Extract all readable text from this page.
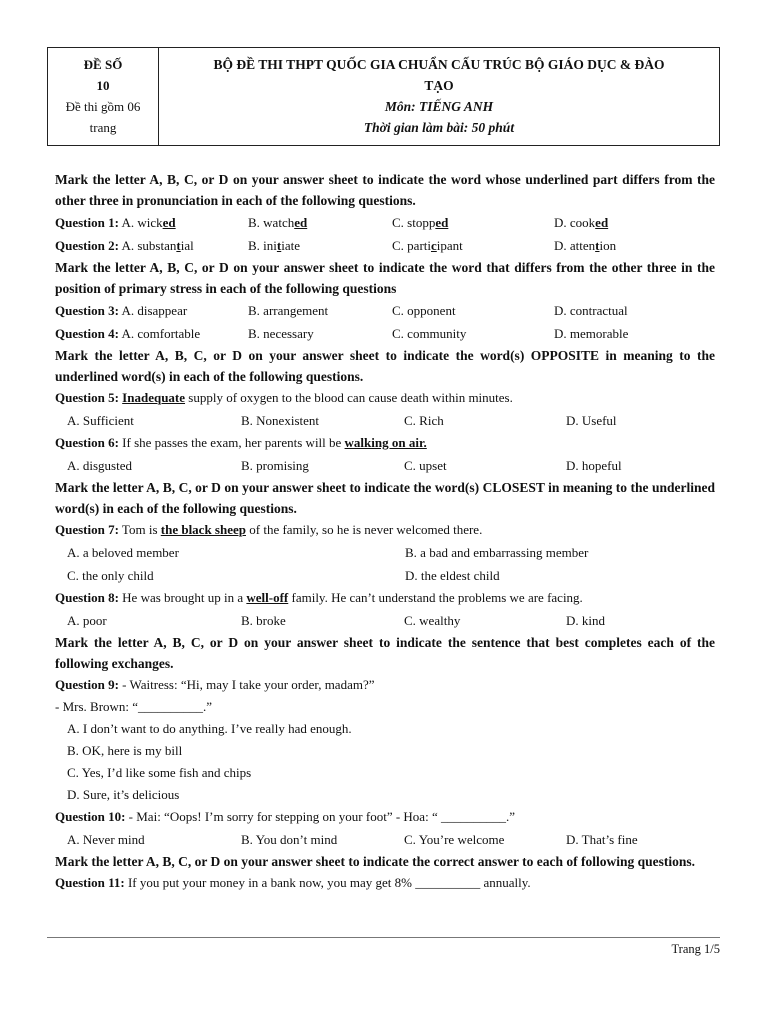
ĐỀ SỐ
10
Đề thi gồm 06
trang
BỘ ĐỀ THI THPT QUỐC GIA CHUẨN CẤU TRÚC BỘ GIÁO DỤC & ĐÀO
TẠO
Môn: TIẾNG ANH
Thời gian làm bài: 50 phút
Mark the letter A, B, C, or D on your answer sheet to indicate the word whose underlined part differs from the other three in pronunciation in each of the following questions.
Question 1: A. wicked	B. watched	C. stopped	D. cooked
Question 2: A. substantial	B. initiate	C. participant	D. attention
Mark the letter A, B, C, or D on your answer sheet to indicate the word that differs from the other three in the position of primary stress in each of the following questions
Question 3: A. disappear	B. arrangement	C. opponent	D. contractual
Question 4: A. comfortable	B. necessary	C. community	D. memorable
Mark the letter A, B, C, or D on your answer sheet to indicate the word(s) OPPOSITE in meaning to the underlined word(s) in each of the following questions.
Question 5: Inadequate supply of oxygen to the blood can cause death within minutes.
A. Sufficient	B. Nonexistent	C. Rich	D. Useful
Question 6: If she passes the exam, her parents will be walking on air.
A. disgusted	B. promising	C. upset	D. hopeful
Mark the letter A, B, C, or D on your answer sheet to indicate the word(s) CLOSEST in meaning to the underlined word(s) in each of the following questions.
Question 7: Tom is the black sheep of the family, so he is never welcomed there.
A. a beloved member	B. a bad and embarrassing member
C. the only child	D. the eldest child
Question 8: He was brought up in a well-off family. He can’t understand the problems we are facing.
A. poor	B. broke	C. wealthy	D. kind
Mark the letter A, B, C, or D on your answer sheet to indicate the sentence that best completes each of the following exchanges.
Question 9: - Waitress: “Hi, may I take your order, madam?”
- Mrs. Brown: “__________.”
A. I don’t want to do anything. I’ve really had enough.
B. OK, here is my bill
C. Yes, I’d like some fish and chips
D. Sure, it’s delicious
Question 10: - Mai: “Oops! I’m sorry for stepping on your foot” - Hoa: “ __________.”
A. Never mind	B. You don’t mind	C. You’re welcome	D. That’s fine
Mark the letter A, B, C, or D on your answer sheet to indicate the correct answer to each of following questions.
Question 11: If you put your money in a bank now, you may get 8% __________ annually.
Trang 1/5
